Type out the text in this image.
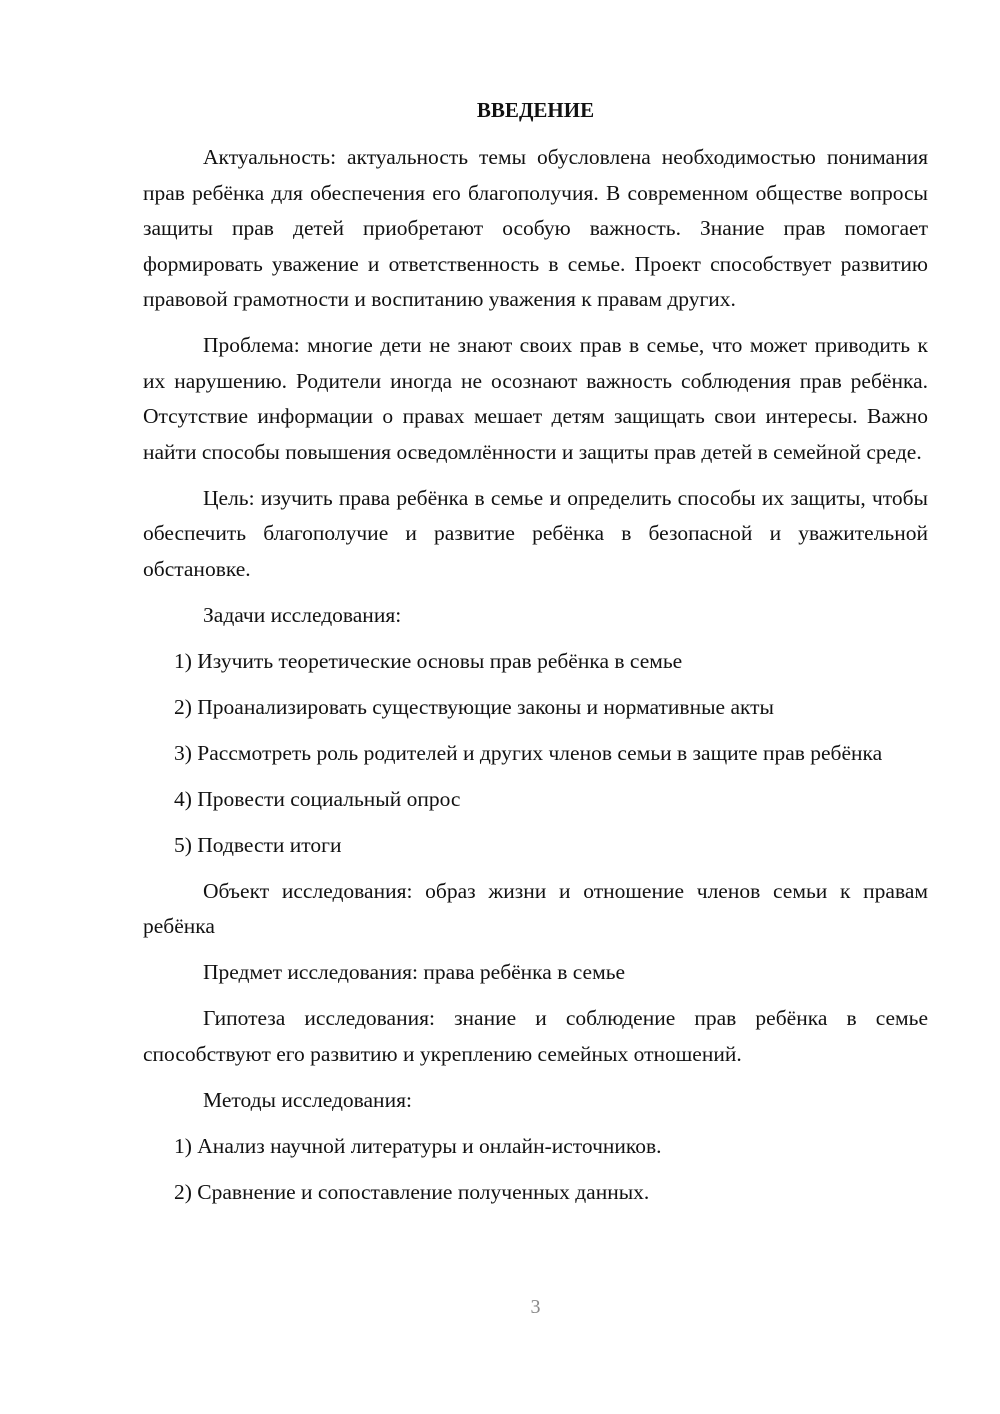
ВВЕДЕНИЕ

Актуальность: актуальность темы обусловлена необходимостью понимания прав ребёнка для обеспечения его благополучия. В современном обществе вопросы защиты прав детей приобретают особую важность. Знание прав помогает формировать уважение и ответственность в семье. Проект способствует развитию правовой грамотности и воспитанию уважения к правам других.

Проблема: многие дети не знают своих прав в семье, что может приводить к их нарушению. Родители иногда не осознают важность соблюдения прав ребёнка. Отсутствие информации о правах мешает детям защищать свои интересы. Важно найти способы повышения осведомлённости и защиты прав детей в семейной среде.

Цель: изучить права ребёнка в семье и определить способы их защиты, чтобы обеспечить благополучие и развитие ребёнка в безопасной и уважительной обстановке.

Задачи исследования:

1) Изучить теоретические основы прав ребёнка в семье

2) Проанализировать существующие законы и нормативные акты

3) Рассмотреть роль родителей и других членов семьи в защите прав ребёнка

4) Провести социальный опрос

5) Подвести итоги

Объект исследования: образ жизни и отношение членов семьи к правам ребёнка

Предмет исследования: права ребёнка в семье

Гипотеза исследования: знание и соблюдение прав ребёнка в семье способствуют его развитию и укреплению семейных отношений.

Методы исследования:

1) Анализ научной литературы и онлайн-источников.

2) Сравнение и сопоставление полученных данных.

3
